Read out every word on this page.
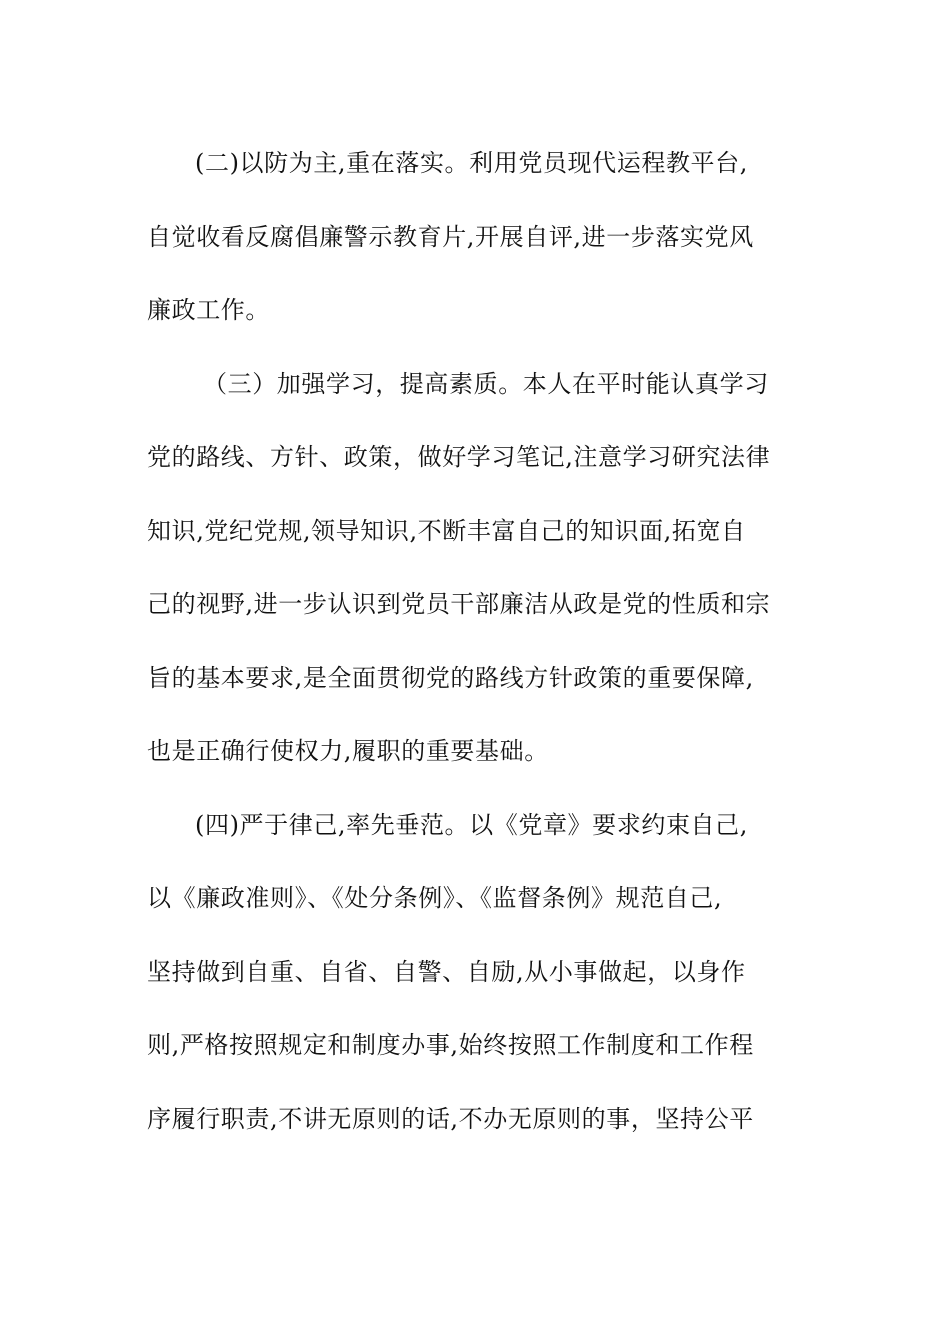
(二)以防为主,重在落实。利用党员现代运程教平台,
自觉收看反腐倡廉警示教育片,开展自评,进一步落实党风
廉政工作。
（三）加强学习，提高素质。本人在平时能认真学习
党的路线、方针、政策，做好学习笔记,注意学习研究法律
知识,党纪党规,领导知识,不断丰富自己的知识面,拓宽自
己的视野,进一步认识到党员干部廉洁从政是党的性质和宗
旨的基本要求,是全面贯彻党的路线方针政策的重要保障,
也是正确行使权力,履职的重要基础。
(四)严于律己,率先垂范。以《党章》要求约束自己,
以《廉政准则》、《处分条例》、《监督条例》规范自己,
坚持做到自重、自省、自警、自励,从小事做起，以身作
则,严格按照规定和制度办事,始终按照工作制度和工作程
序履行职责,不讲无原则的话,不办无原则的事，坚持公平
